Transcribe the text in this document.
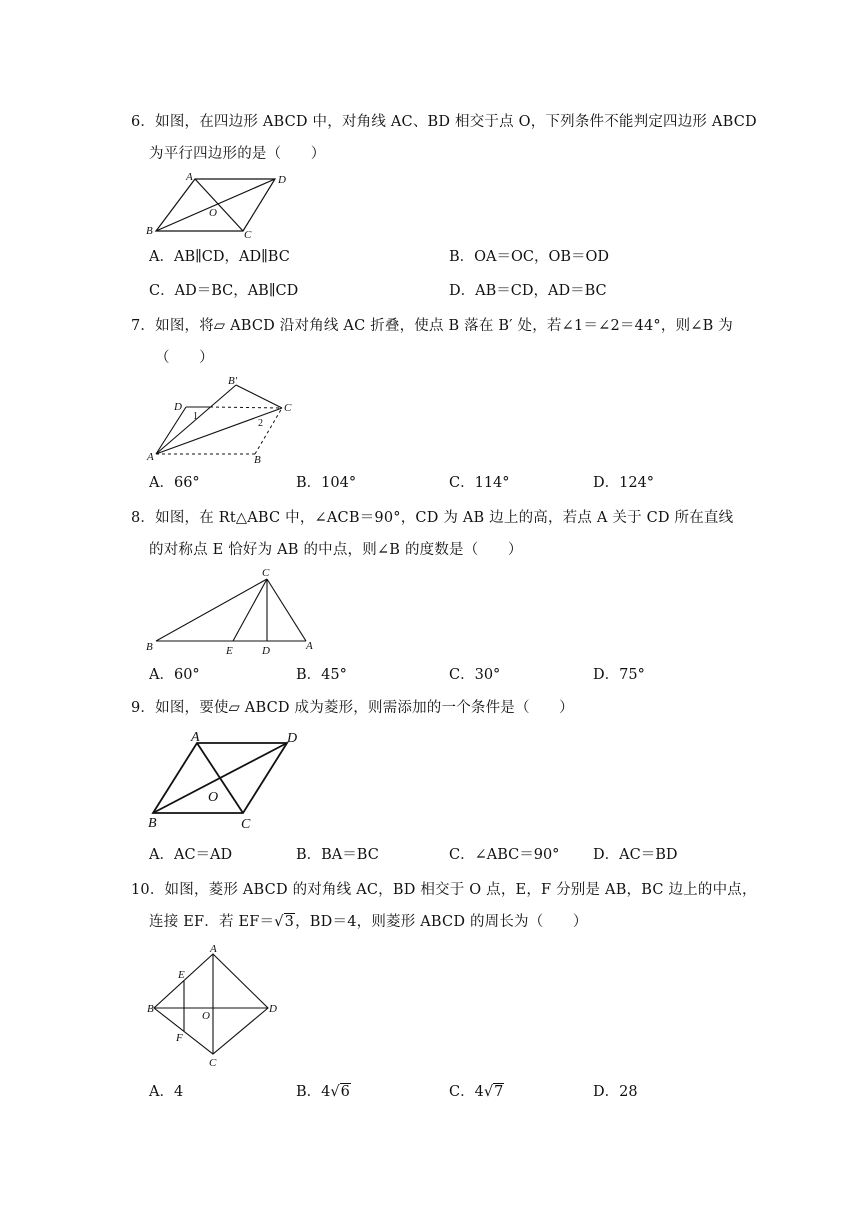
6．如图，在四边形 ABCD 中，对角线 AC、BD 相交于点 O，下列条件不能判定四边形 ABCD
为平行四边形的是（　　）
A	D
B	C
O
A．AB∥CD，AD∥BC	B．OA＝OC，OB＝OD
C．AD＝BC，AB∥CD	D．AB＝CD，AD＝BC
7．如图，将▱ ABCD 沿对角线 AC 折叠，使点 B 落在 B′ 处，若∠1＝∠2＝44°，则∠B 为
（　　）
D
B'
C
A	B
1
2
A．66°	B．104°	C．114°	D．124°
8．如图，在 Rt△ABC 中，∠ACB＝90°，CD 为 AB 边上的高，若点 A 关于 CD 所在直线
的对称点 E 恰好为 AB 的中点，则∠B 的度数是（　　）
C
B	A
E	D
A．60°	B．45°	C．30°	D．75°
9．如图，要使▱ ABCD 成为菱形，则需添加的一个条件是（　　）
A	D
B	C
O
A．AC＝AD	B．BA＝BC	C．∠ABC＝90° D．AC＝BD
10．如图，菱形 ABCD 的对角线 AC，BD 相交于 O 点，E，F 分别是 AB，BC 边上的中点，
连接 EF．若 EF＝√3，BD＝4，则菱形 ABCD 的周长为（　　）
A
D
B
C
E
F
O
A．4	B．4√6	C．4√7	D．28
